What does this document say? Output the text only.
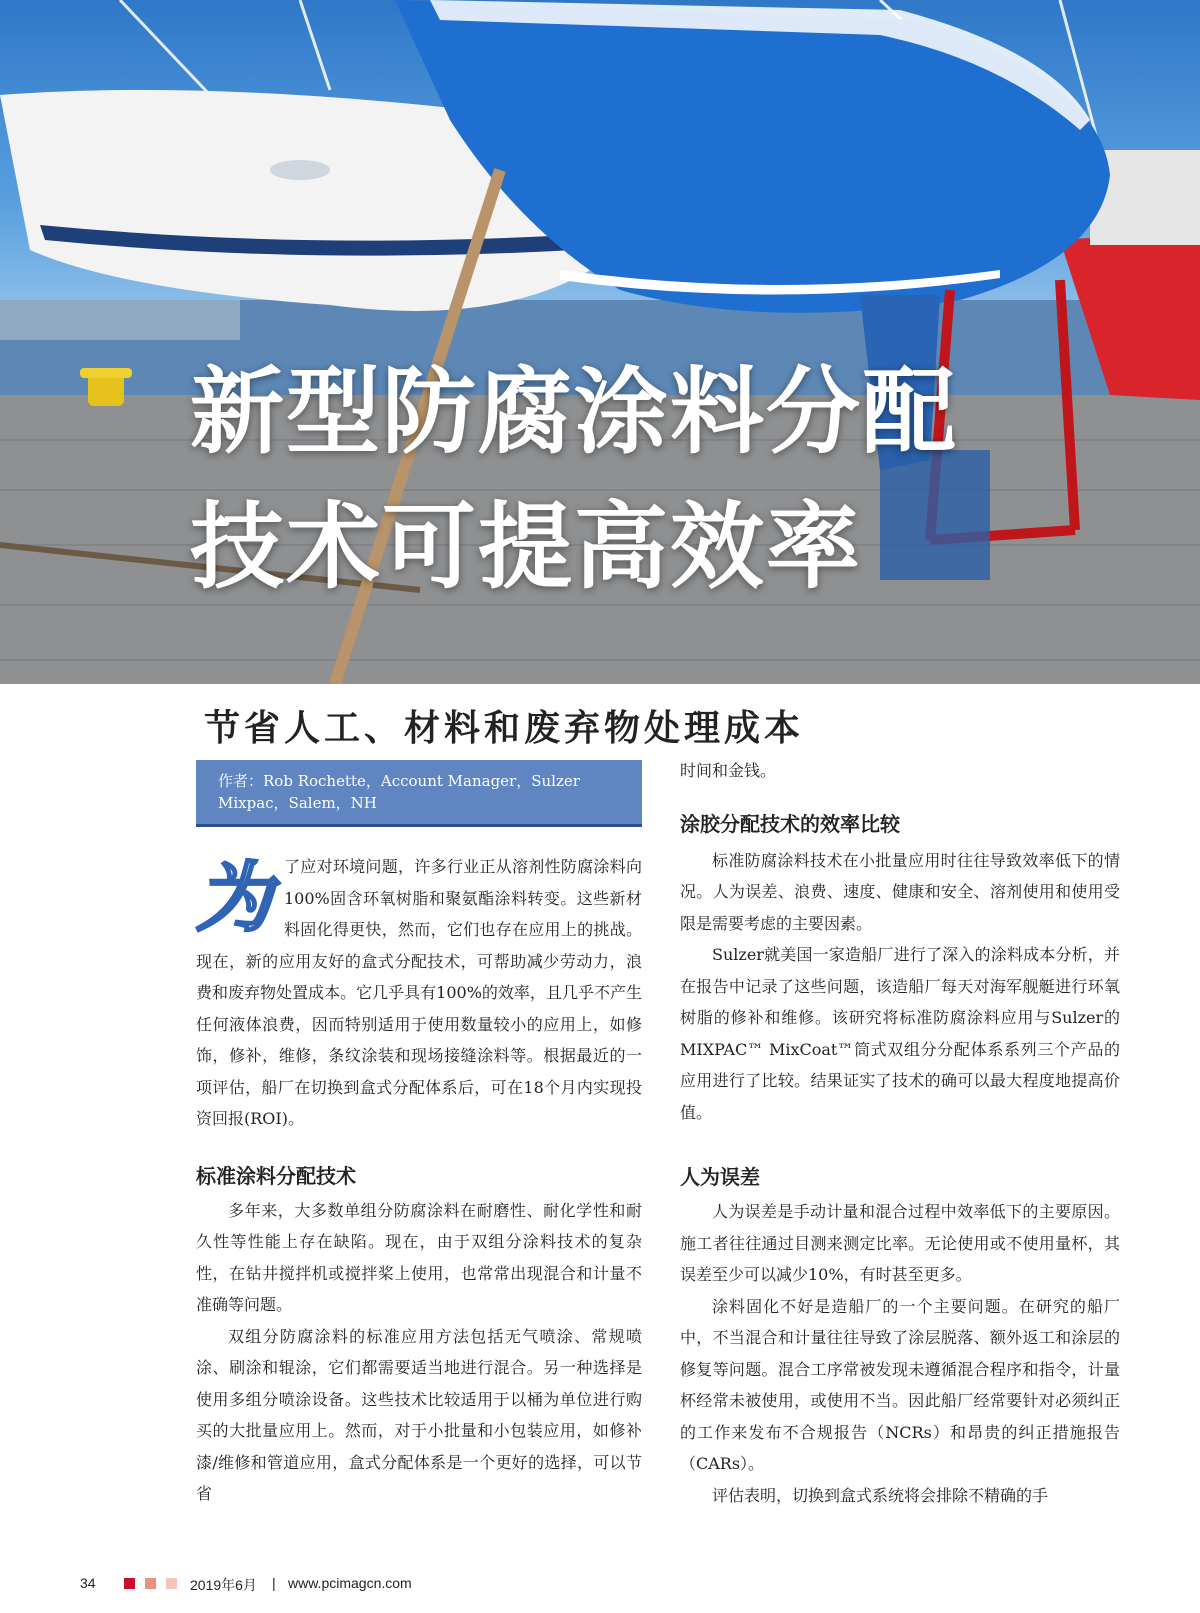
新型防腐涂料分配
技术可提高效率
节省人工、材料和废弃物处理成本
作者：Rob Rochette，Account Manager，Sulzer Mixpac，Salem，NH
为 了应对环境问题，许多行业正从溶剂性防腐涂料向100%固含环氧树脂和聚氨酯涂料转变。这些新材料固化得更快，然而，它们也存在应用上的挑战。现在，新的应用友好的盒式分配技术，可帮助减少劳动力，浪费和废弃物处置成本。它几乎具有100%的效率，且几乎不产生任何液体浪费，因而特别适用于使用数量较小的应用上，如修饰，修补，维修，条纹涂装和现场接缝涂料等。根据最近的一项评估，船厂在切换到盒式分配体系后，可在18个月内实现投资回报(ROI)。

标准涂料分配技术

多年来，大多数单组分防腐涂料在耐磨性、耐化学性和耐久性等性能上存在缺陷。现在，由于双组分涂料技术的复杂性，在钻井搅拌机或搅拌桨上使用，也常常出现混合和计量不准确等问题。

双组分防腐涂料的标准应用方法包括无气喷涂、常规喷涂、刷涂和辊涂，它们都需要适当地进行混合。另一种选择是使用多组分喷涂设备。这些技术比较适用于以桶为单位进行购买的大批量应用上。然而，对于小批量和小包装应用，如修补漆/维修和管道应用，盒式分配体系是一个更好的选择，可以节省

时间和金钱。

涂胶分配技术的效率比较

标准防腐涂料技术在小批量应用时往往导致效率低下的情况。人为误差、浪费、速度、健康和安全、溶剂使用和使用受限是需要考虑的主要因素。

Sulzer就美国一家造船厂进行了深入的涂料成本分析，并在报告中记录了这些问题，该造船厂每天对海军舰艇进行环氧树脂的修补和维修。该研究将标准防腐涂料应用与Sulzer的MIXPAC™ MixCoat™筒式双组分分配体系系列三个产品的应用进行了比较。结果证实了技术的确可以最大程度地提高价值。

人为误差

人为误差是手动计量和混合过程中效率低下的主要原因。施工者往往通过目测来测定比率。无论使用或不使用量杯，其误差至少可以减少10%，有时甚至更多。

涂料固化不好是造船厂的一个主要问题。在研究的船厂中，不当混合和计量往往导致了涂层脱落、额外返工和涂层的修复等问题。混合工序常被发现未遵循混合程序和指令，计量杯经常未被使用，或使用不当。因此船厂经常要针对必须纠正的工作来发布不合规报告（NCRs）和昂贵的纠正措施报告（CARs）。

评估表明，切换到盒式系统将会排除不精确的手

34	2019年6月 | www.pcimagcn.com
